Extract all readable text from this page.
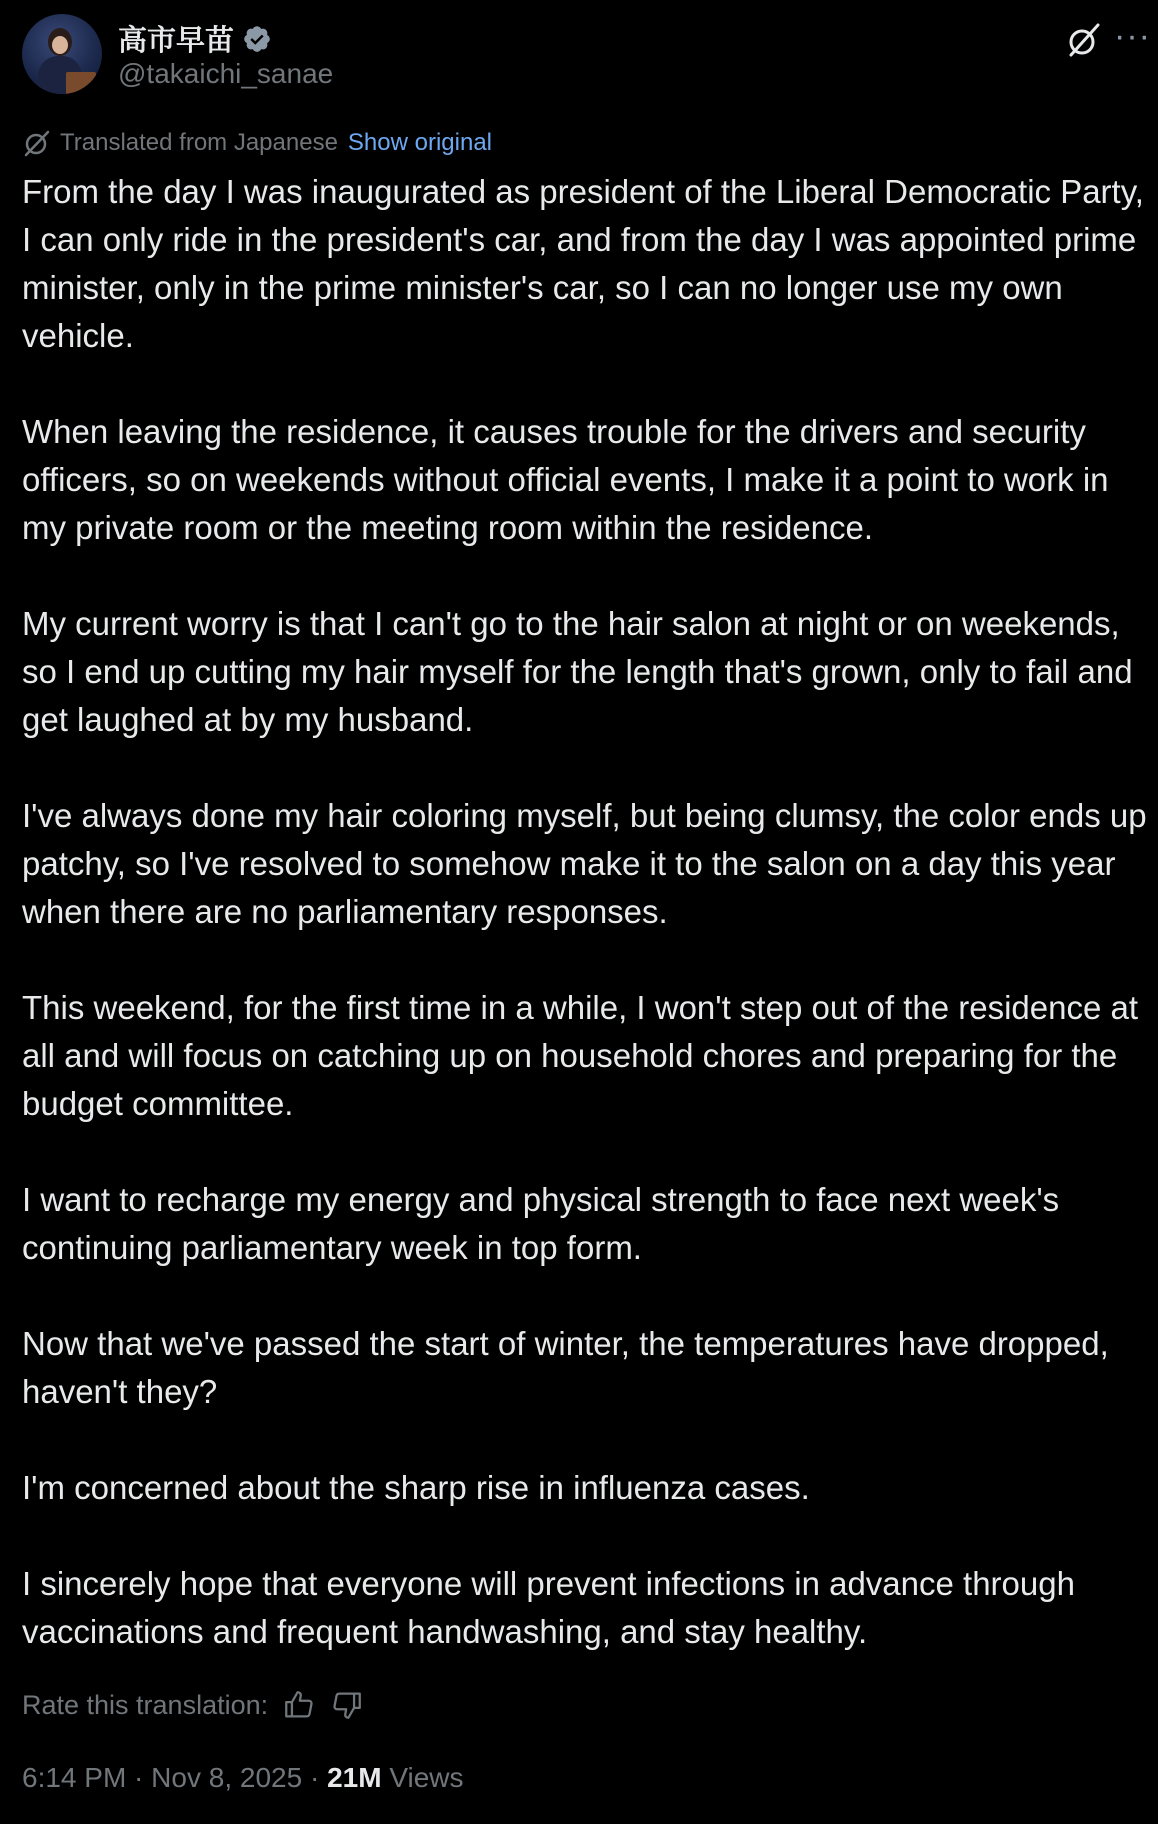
高市早苗
@takaichi_sanae
···
Translated from Japanese Show original

From the day I was inaugurated as president of the Liberal Democratic Party, I can only ride in the president's car, and from the day I was appointed prime minister, only in the prime minister's car, so I can no longer use my own vehicle.

When leaving the residence, it causes trouble for the drivers and security officers, so on weekends without official events, I make it a point to work in my private room or the meeting room within the residence.

My current worry is that I can't go to the hair salon at night or on weekends, so I end up cutting my hair myself for the length that's grown, only to fail and get laughed at by my husband.

I've always done my hair coloring myself, but being clumsy, the color ends up patchy, so I've resolved to somehow make it to the salon on a day this year when there are no parliamentary responses.

This weekend, for the first time in a while, I won't step out of the residence at all and will focus on catching up on household chores and preparing for the budget committee.

I want to recharge my energy and physical strength to face next week's continuing parliamentary week in top form.

Now that we've passed the start of winter, the temperatures have dropped, haven't they?

I'm concerned about the sharp rise in influenza cases.

I sincerely hope that everyone will prevent infections in advance through vaccinations and frequent handwashing, and stay healthy.

Rate this translation:
6:14 PM · Nov 8, 2025 · 21M
Views
